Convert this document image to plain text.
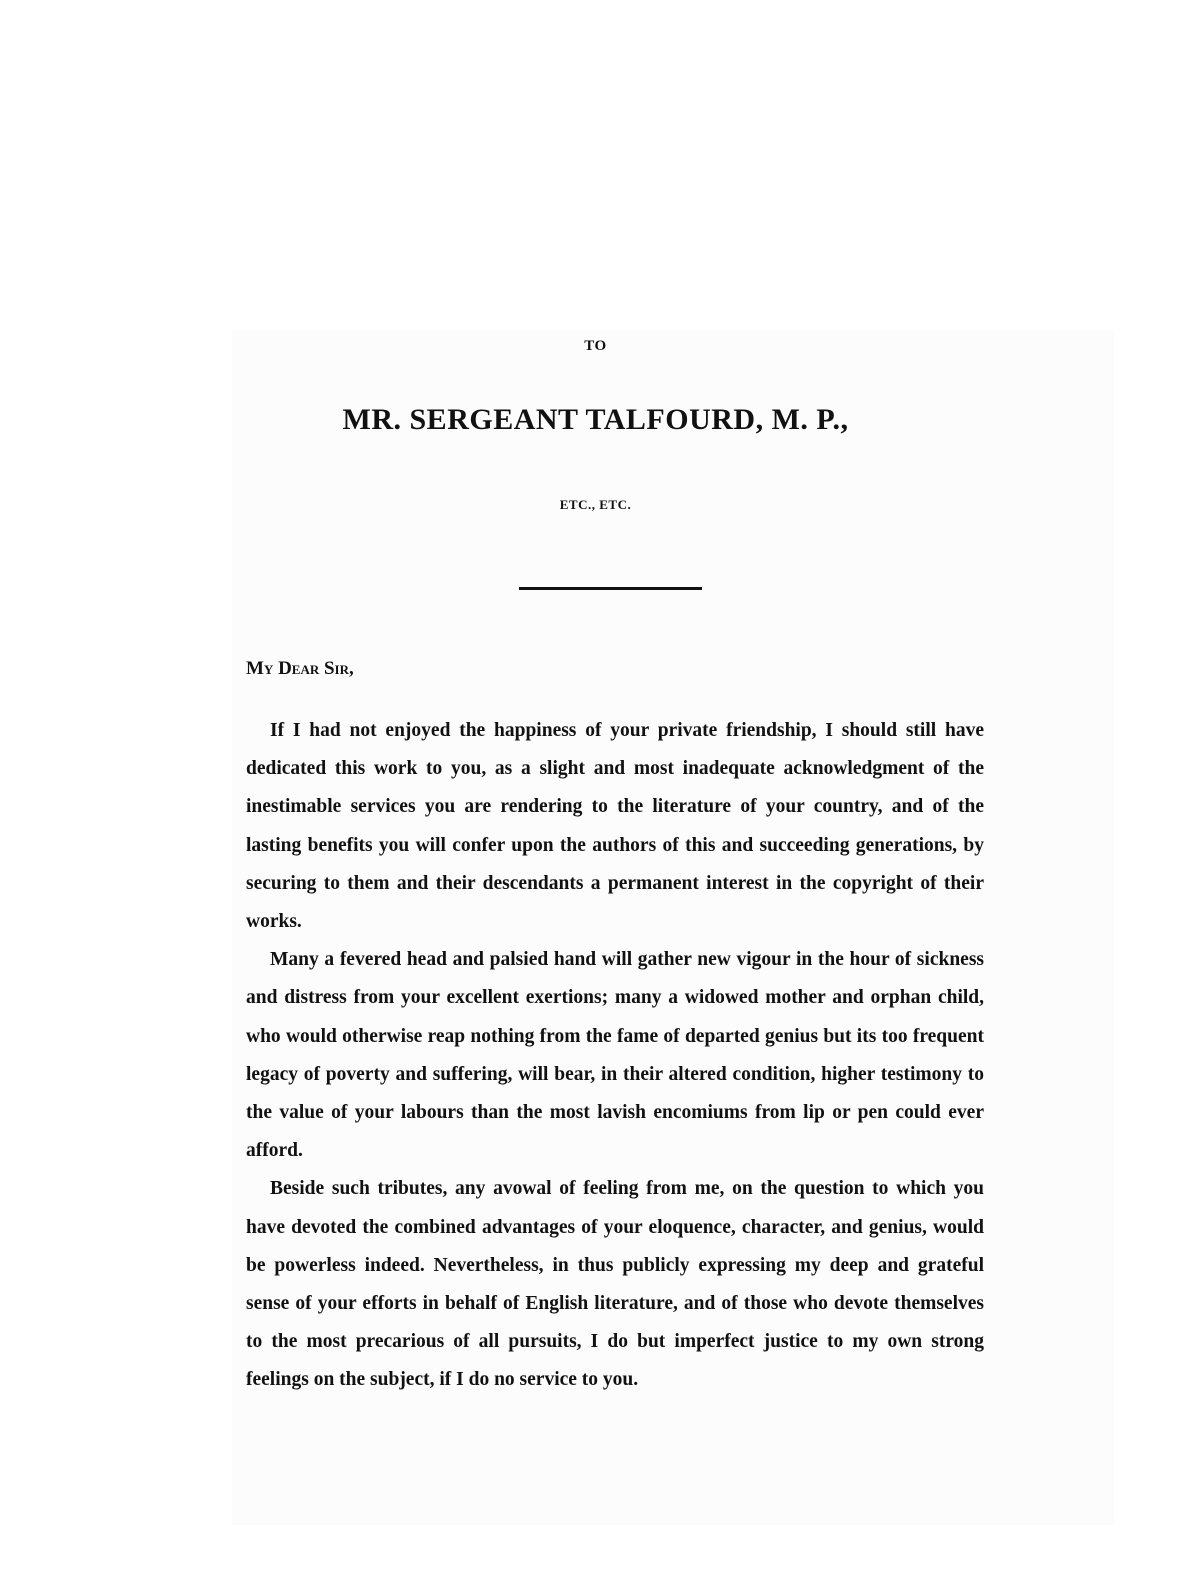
TO
MR. SERGEANT TALFOURD, M. P.,
ETC., ETC.
My Dear Sir,

If I had not enjoyed the happiness of your private friendship, I should still have dedicated this work to you, as a slight and most inadequate acknowledgment of the inestimable services you are rendering to the literature of your country, and of the lasting benefits you will confer upon the authors of this and succeeding generations, by securing to them and their descendants a permanent interest in the copyright of their works.

Many a fevered head and palsied hand will gather new vigour in the hour of sickness and distress from your excellent exertions; many a widowed mother and orphan child, who would otherwise reap nothing from the fame of departed genius but its too frequent legacy of poverty and suffering, will bear, in their altered condition, higher testimony to the value of your labours than the most lavish encomiums from lip or pen could ever afford.

Beside such tributes, any avowal of feeling from me, on the question to which you have devoted the combined advantages of your eloquence, character, and genius, would be powerless indeed. Nevertheless, in thus publicly expressing my deep and grateful sense of your efforts in behalf of English literature, and of those who devote themselves to the most precarious of all pursuits, I do but imperfect justice to my own strong feelings on the subject, if I do no service to you.
